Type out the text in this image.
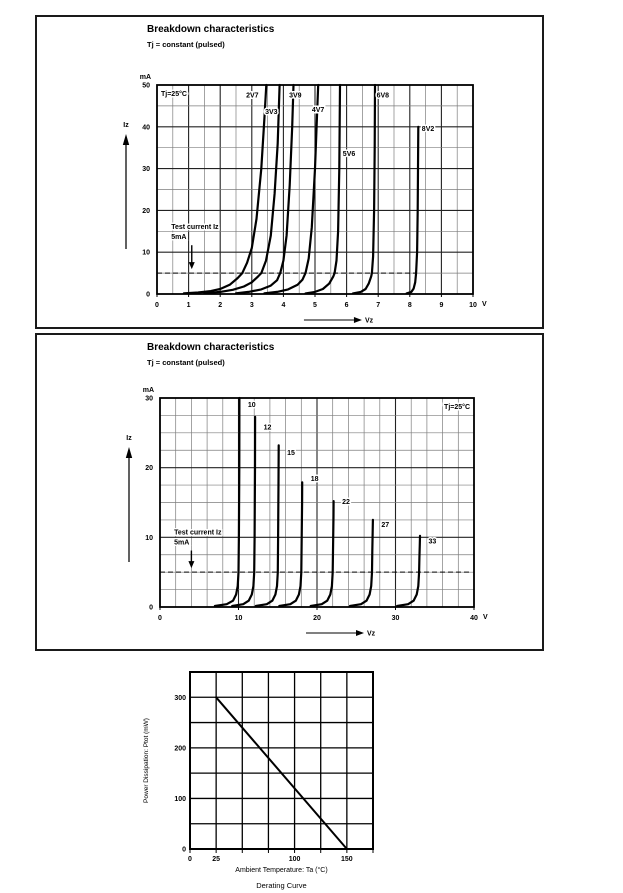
Breakdown characteristics
Tj = constant (pulsed)
0	1	2	3	4	5	6	7	8	9	10 V
0
10
20
30
40
50
mA
Iz
Vz
Tj=25°C
Test current Iz
5mA
2V7
3V3
3V9
4V7
5V6
6V8
8V2
Breakdown characteristics
Tj = constant (pulsed)
0	10	20	30	40 V
0
10
20
30
mA
Iz
Vz
Tj=25°C
Test current Iz
5mA
10
12
15
18
22
27
33
0	25	100	150
0
100
200
300
Power Dissipation: Ptot (mW)
Ambient Temperature: Ta (°C)
Derating Curve
